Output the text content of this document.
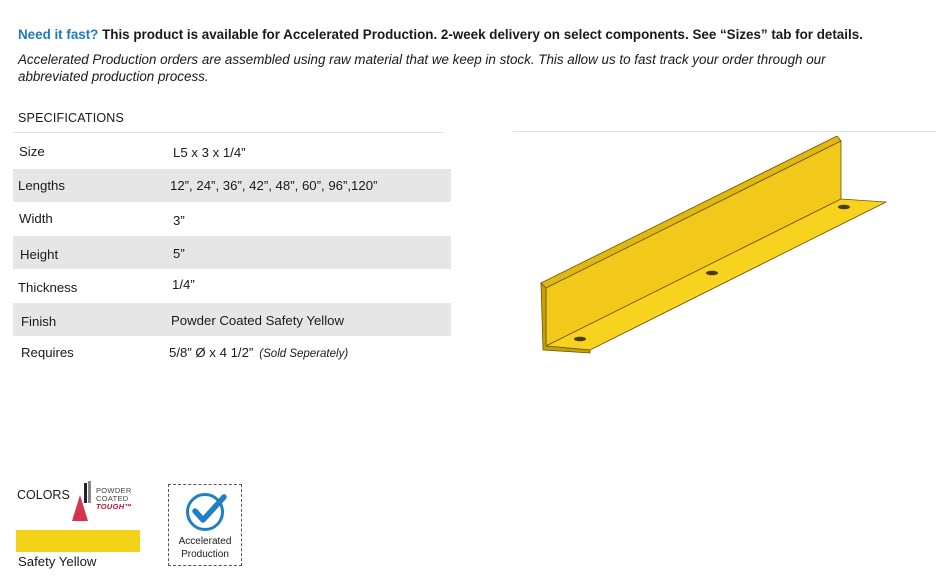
Need it fast? This product is available for Accelerated Production. 2-week delivery on select components. See “Sizes” tab for details.
Accelerated Production orders are assembled using raw material that we keep in stock. This allow us to fast track your order through our abbreviated production process.
SPECIFICATIONS
Size	L5 x 3 x 1/4”
Lengths	12”, 24”, 36”, 42”, 48”, 60”, 96”,120”
Width	3”
Height	5”
Thickness	1/4”
Finish	Powder Coated Safety Yellow
Requires	5/8” Ø x 4 1/2” (Sold Seperately)
COLORS	POWDER
COATED
TOUGH™
Safety Yellow
Accelerated
Production
